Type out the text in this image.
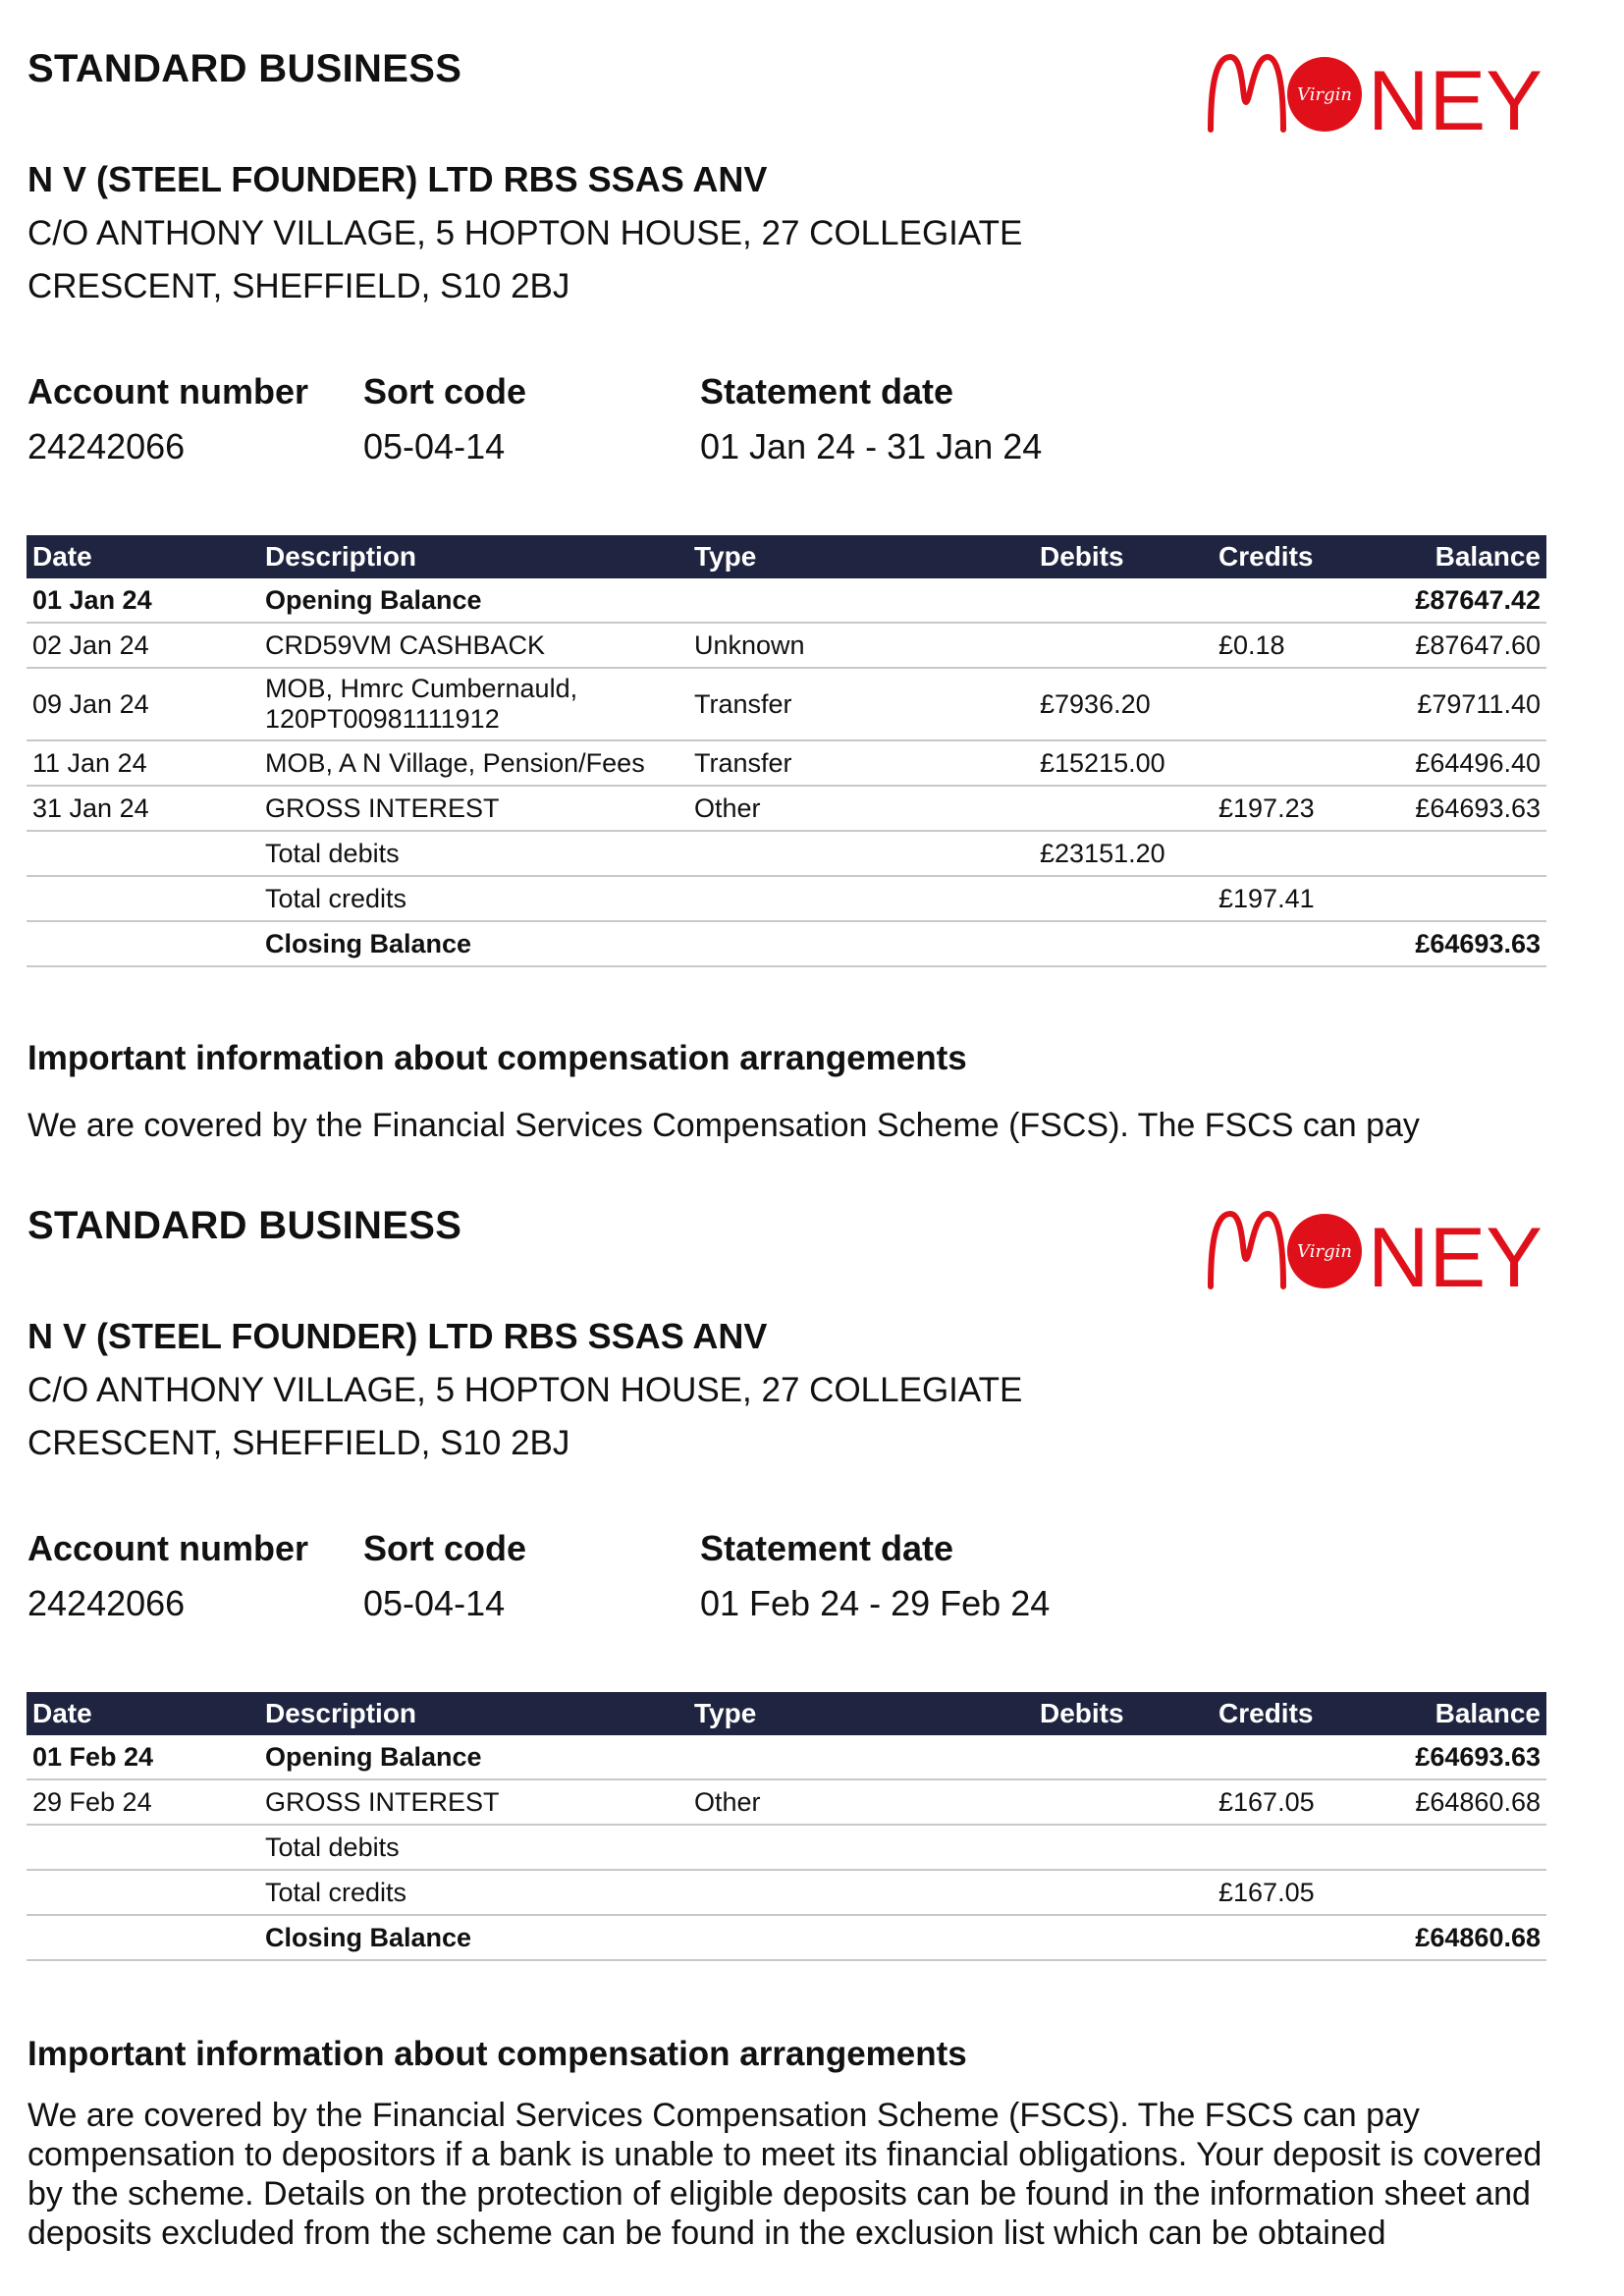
STANDARD BUSINESS
Virgin NEY
N V (STEEL FOUNDER) LTD RBS SSAS ANV
C/O ANTHONY VILLAGE, 5 HOPTON HOUSE, 27 COLLEGIATE
CRESCENT, SHEFFIELD, S10 2BJ
Account number
24242066
Sort code
05-04-14
Statement date
01 Jan 24 - 31 Jan 24
Date	Description	Type	Debits	Credits	Balance
01 Jan 24	Opening Balance				£87647.42
02 Jan 24	CRD59VM CASHBACK	Unknown		£0.18	£87647.60
09 Jan 24	MOB, Hmrc Cumbernauld,
120PT00981111912	Transfer	£7936.20		£79711.40
11 Jan 24	MOB, A N Village, Pension/Fees	Transfer	£15215.00		£64496.40
31 Jan 24	GROSS INTEREST	Other		£197.23	£64693.63
	Total debits		£23151.20		
	Total credits			£197.41	
	Closing Balance				£64693.63
Important information about compensation arrangements
We are covered by the Financial Services Compensation Scheme (FSCS). The FSCS can pay
STANDARD BUSINESS
Virgin NEY
N V (STEEL FOUNDER) LTD RBS SSAS ANV
C/O ANTHONY VILLAGE, 5 HOPTON HOUSE, 27 COLLEGIATE
CRESCENT, SHEFFIELD, S10 2BJ
Account number
24242066
Sort code
05-04-14
Statement date
01 Feb 24 - 29 Feb 24
Date	Description	Type	Debits	Credits	Balance
01 Feb 24	Opening Balance				£64693.63
29 Feb 24	GROSS INTEREST	Other		£167.05	£64860.68
	Total debits				
	Total credits			£167.05	
	Closing Balance				£64860.68
Important information about compensation arrangements
We are covered by the Financial Services Compensation Scheme (FSCS). The FSCS can pay compensation to depositors if a bank is unable to meet its financial obligations. Your deposit is covered by the scheme. Details on the protection of eligible deposits can be found in the information sheet and deposits excluded from the scheme can be found in the exclusion list which can be obtained
